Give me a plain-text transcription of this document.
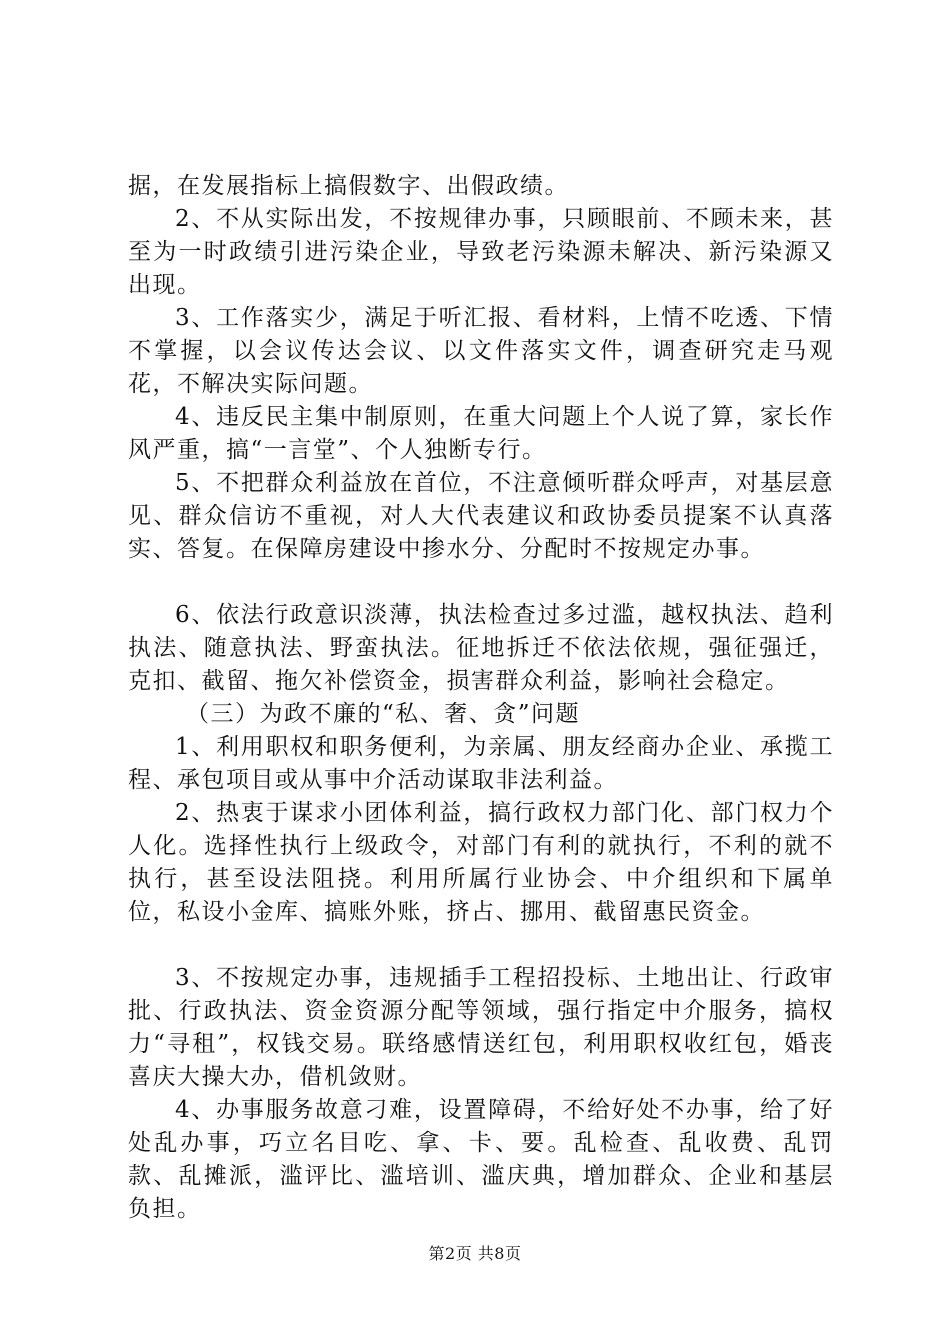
据，在发展指标上搞假数字、出假政绩。

2、不从实际出发，不按规律办事，只顾眼前、不顾未来，甚至为一时政绩引进污染企业，导致老污染源未解决、新污染源又出现。

3、工作落实少，满足于听汇报、看材料，上情不吃透、下情不掌握，以会议传达会议、以文件落实文件，调查研究走马观花，不解决实际问题。

4、违反民主集中制原则，在重大问题上个人说了算，家长作风严重，搞“一言堂”、个人独断专行。

5、不把群众利益放在首位，不注意倾听群众呼声，对基层意见、群众信访不重视，对人大代表建议和政协委员提案不认真落实、答复。在保障房建设中掺水分、分配时不按规定办事。

6、依法行政意识淡薄，执法检查过多过滥，越权执法、趋利执法、随意执法、野蛮执法。征地拆迁不依法依规，强征强迁，克扣、截留、拖欠补偿资金，损害群众利益，影响社会稳定。

（三）为政不廉的“私、奢、贪”问题

1、利用职权和职务便利，为亲属、朋友经商办企业、承揽工程、承包项目或从事中介活动谋取非法利益。

2、热衷于谋求小团体利益，搞行政权力部门化、部门权力个人化。选择性执行上级政令，对部门有利的就执行，不利的就不执行，甚至设法阻挠。利用所属行业协会、中介组织和下属单位，私设小金库、搞账外账，挤占、挪用、截留惠民资金。

3、不按规定办事，违规插手工程招投标、土地出让、行政审批、行政执法、资金资源分配等领域，强行指定中介服务，搞权力“寻租”，权钱交易。联络感情送红包，利用职权收红包，婚丧喜庆大操大办，借机敛财。

4、办事服务故意刁难，设置障碍，不给好处不办事，给了好处乱办事，巧立名目吃、拿、卡、要。乱检查、乱收费、乱罚款、乱摊派，滥评比、滥培训、滥庆典，增加群众、企业和基层负担。

第2页 共8页
